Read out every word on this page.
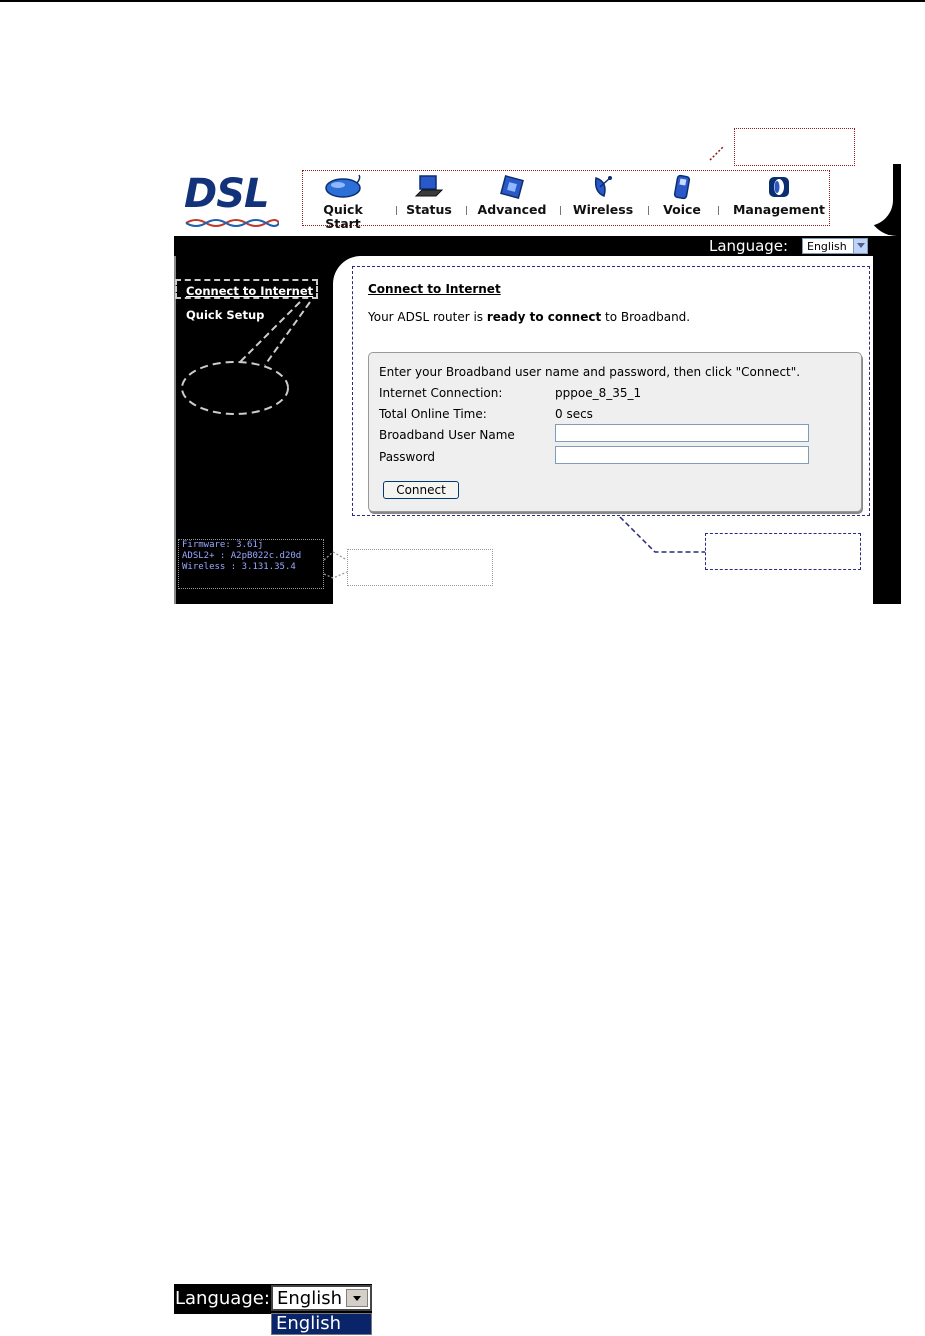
DSL	Quick Start
Status Advanced Wireless	Voice	Management
Language: English
Connect to Internet
Quick Setup
Firmware: 3.61j
ADSL2+ : A2pB022c.d20d
Wireless : 3.131.35.4
Connect to Internet
Your ADSL router is ready to connect to Broadband.
Enter your Broadband user name and password, then click "Connect".
Internet Connection:	pppoe_8_35_1
Total Online Time:	0 secs
Broadband User Name
Password
Connect
Language: English
English
